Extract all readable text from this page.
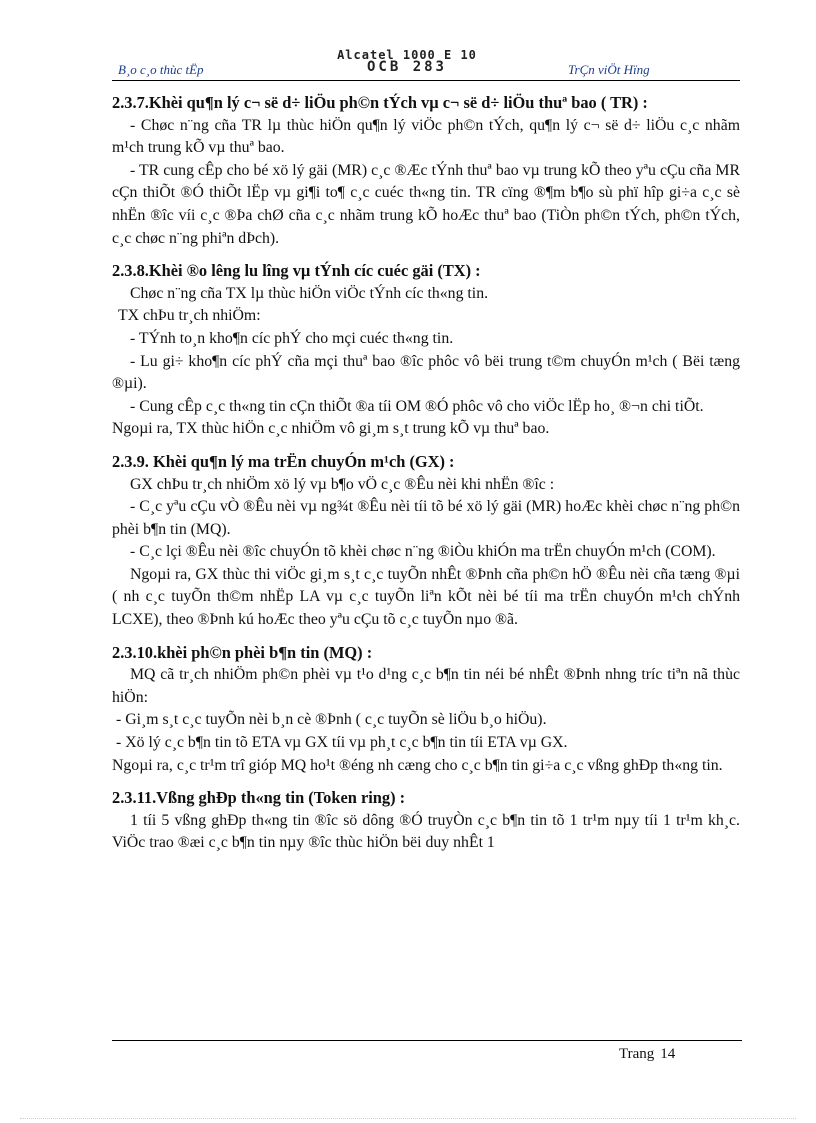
B¸o c¸o thùc tËp
Alcatel 1000 E 10
OCB 283	TrÇn viÖt Hïng

2.3.7.Khèi qu¶n lý c¬ së d÷ liÖu ph©n tÝch vµ c¬ së d÷ liÖu thuª bao ( TR) :

- Chøc n¨ng cña TR lµ thùc hiÖn qu¶n lý viÖc ph©n tÝch, qu¶n lý c¬ së d÷ liÖu c¸c nhãm m¹ch trung kÕ vµ thuª bao.

- TR cung cÊp cho bé xö lý gäi (MR) c¸c ®Æc tÝnh thuª bao vµ trung kÕ theo yªu cÇu cña MR cÇn thiÕt ®Ó thiÕt lËp vµ gi¶i to¶ c¸c cuéc th«ng tin. TR cïng ®¶m b¶o sù phï hîp gi÷a c¸c sè nhËn ®îc víi c¸c ®Þa chØ cña c¸c nhãm trung kÕ hoÆc thuª bao (TiÒn ph©n tÝch, ph©n tÝch, c¸c chøc n¨ng phiªn dÞch).

2.3.8.Khèi ®o lêng lu lîng vµ tÝnh cíc cuéc gäi (TX) :

Chøc n¨ng cña TX lµ thùc hiÖn viÖc tÝnh cíc th«ng tin.

TX chÞu tr¸ch nhiÖm:

- TÝnh to¸n kho¶n cíc phÝ cho mçi cuéc th«ng tin.

- Lu gi÷ kho¶n cíc phÝ cña mçi thuª bao ®îc phôc vô bëi trung t©m chuyÓn m¹ch ( Bëi tæng ®µi).

- Cung cÊp c¸c th«ng tin cÇn thiÕt ®a tíi OM ®Ó phôc vô cho viÖc lËp ho¸ ®¬n chi tiÕt.

Ngoµi ra, TX thùc hiÖn c¸c nhiÖm vô gi¸m s¸t trung kÕ vµ thuª bao.

2.3.9. Khèi qu¶n lý ma trËn chuyÓn m¹ch (GX) :

GX chÞu tr¸ch nhiÖm xö lý vµ b¶o vÖ c¸c ®Êu nèi khi nhËn ®îc :

- C¸c yªu cÇu vÒ ®Êu nèi vµ ng¾t ®Êu nèi tíi tõ bé xö lý gäi (MR) hoÆc khèi chøc n¨ng ph©n phèi b¶n tin (MQ).

- C¸c lçi ®Êu nèi ®îc chuyÓn tõ khèi chøc n¨ng ®iÒu khiÓn ma trËn chuyÓn m¹ch (COM).

Ngoµi ra, GX thùc thi viÖc gi¸m s¸t c¸c tuyÕn nhÊt ®Þnh cña ph©n hÖ ®Êu nèi cña tæng ®µi ( nh c¸c tuyÕn th©m nhËp LA vµ c¸c tuyÕn liªn kÕt nèi bé tíi ma trËn chuyÓn m¹ch chÝnh LCXE), theo ®Þnh kú hoÆc theo yªu cÇu tõ c¸c tuyÕn nµo ®ã.

2.3.10.khèi ph©n phèi b¶n tin (MQ) :

MQ cã tr¸ch nhiÖm ph©n phèi vµ t¹o d¹ng c¸c b¶n tin néi bé nhÊt ®Þnh nhng tríc tiªn nã thùc hiÖn:

- Gi¸m s¸t c¸c tuyÕn nèi b¸n cè ®Þnh ( c¸c tuyÕn sè liÖu b¸o hiÖu).

- Xö lý c¸c b¶n tin tõ ETA vµ GX tíi vµ ph¸t c¸c b¶n tin tíi ETA vµ GX.

Ngoµi ra, c¸c tr¹m trî gióp MQ ho¹t ®éng nh cæng cho c¸c b¶n tin gi÷a c¸c vßng ghÐp th«ng tin.

2.3.11.Vßng ghÐp th«ng tin (Token ring) :

1 tíi 5 vßng ghÐp th«ng tin ®îc sö dông ®Ó truyÒn c¸c b¶n tin tõ 1 tr¹m nµy tíi 1 tr¹m kh¸c. ViÖc trao ®æi c¸c b¶n tin nµy ®îc thùc hiÖn bëi duy nhÊt 1

Trang 14
